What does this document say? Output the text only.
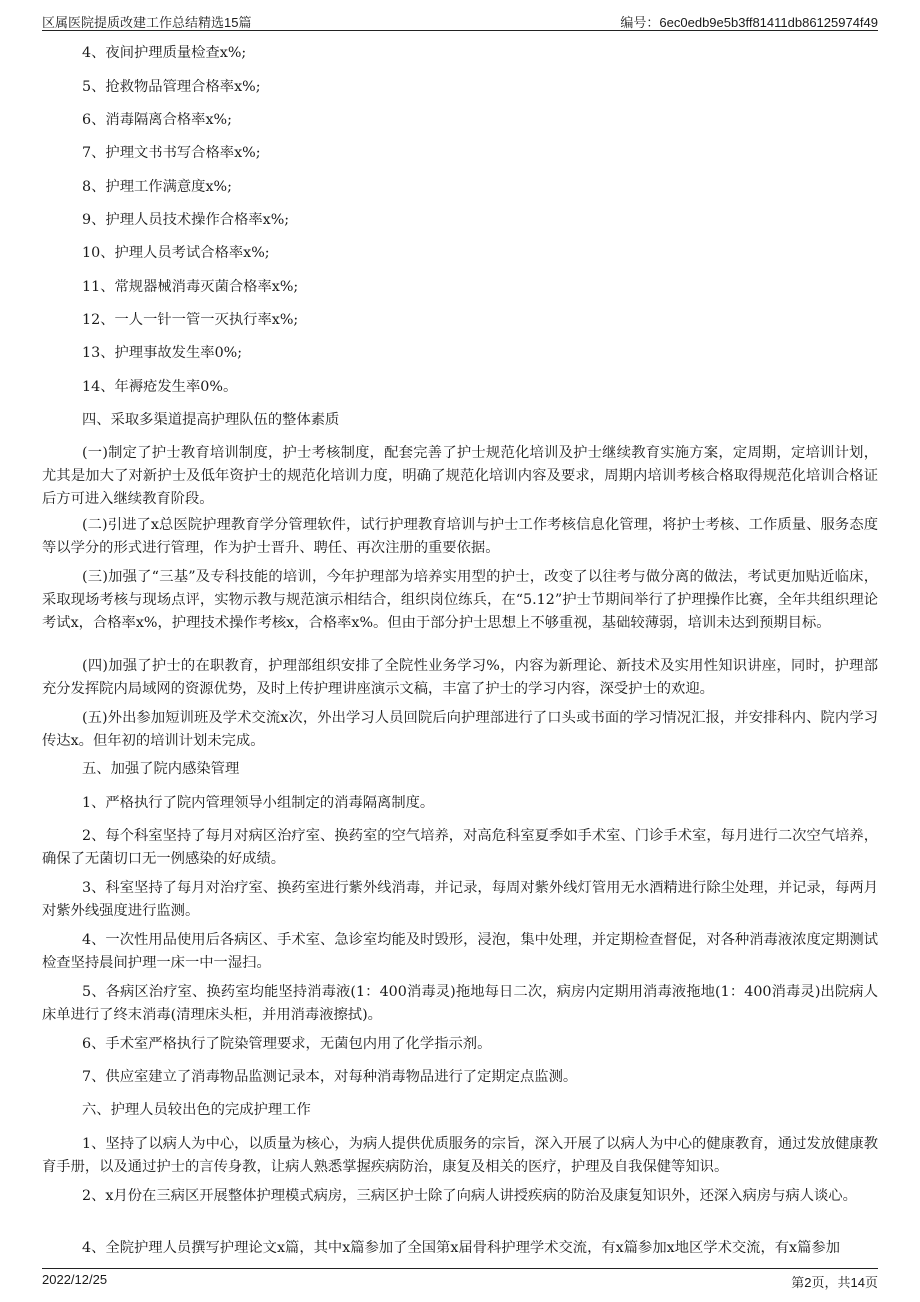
区属医院提质改建工作总结精选15篇	编号：6ec0edb9e5b3ff81411db86125974f49
4、夜间护理质量检查x%;
5、抢救物品管理合格率x%;
6、消毒隔离合格率x%;
7、护理文书书写合格率x%;
8、护理工作满意度x%;
9、护理人员技术操作合格率x%;
10、护理人员考试合格率x%;
11、常规器械消毒灭菌合格率x%;
12、一人一针一管一灭执行率x%;
13、护理事故发生率0%;
14、年褥疮发生率0%。
四、采取多渠道提高护理队伍的整体素质
(一)制定了护士教育培训制度，护士考核制度，配套完善了护士规范化培训及护士继续教育实施方案，定周期，定培训计划，尤其是加大了对新护士及低年资护士的规范化培训力度，明确了规范化培训内容及要求，周期内培训考核合格取得规范化培训合格证后方可进入继续教育阶段。
(二)引进了x总医院护理教育学分管理软件，试行护理教育培训与护士工作考核信息化管理，将护士考核、工作质量、服务态度等以学分的形式进行管理，作为护士晋升、聘任、再次注册的重要依据。
(三)加强了“三基”及专科技能的培训，今年护理部为培养实用型的护士，改变了以往考与做分离的做法，考试更加贴近临床，采取现场考核与现场点评，实物示教与规范演示相结合，组织岗位练兵，在“5.12”护士节期间举行了护理操作比赛，全年共组织理论考试x，合格率x%，护理技术操作考核x，合格率x%。但由于部分护士思想上不够重视，基础较薄弱，培训未达到预期目标。
(四)加强了护士的在职教育，护理部组织安排了全院性业务学习%，内容为新理论、新技术及实用性知识讲座，同时，护理部充分发挥院内局域网的资源优势，及时上传护理讲座演示文稿，丰富了护士的学习内容，深受护士的欢迎。
(五)外出参加短训班及学术交流x次，外出学习人员回院后向护理部进行了口头或书面的学习情况汇报，并安排科内、院内学习传达x。但年初的培训计划未完成。
五、加强了院内感染管理
1、严格执行了院内管理领导小组制定的消毒隔离制度。
2、每个科室坚持了每月对病区治疗室、换药室的空气培养，对高危科室夏季如手术室、门诊手术室，每月进行二次空气培养，确保了无菌切口无一例感染的好成绩。
3、科室坚持了每月对治疗室、换药室进行紫外线消毒，并记录，每周对紫外线灯管用无水酒精进行除尘处理，并记录，每两月对紫外线强度进行监测。
4、一次性用品使用后各病区、手术室、急诊室均能及时毁形，浸泡，集中处理，并定期检查督促，对各种消毒液浓度定期测试检查坚持晨间护理一床一中一湿扫。
5、各病区治疗室、换药室均能坚持消毒液(1：400消毒灵)拖地每日二次，病房内定期用消毒液拖地(1：400消毒灵)出院病人床单进行了终末消毒(清理床头柜，并用消毒液擦拭)。
6、手术室严格执行了院染管理要求，无菌包内用了化学指示剂。
7、供应室建立了消毒物品监测记录本，对每种消毒物品进行了定期定点监测。
六、护理人员较出色的完成护理工作
1、坚持了以病人为中心，以质量为核心，为病人提供优质服务的宗旨，深入开展了以病人为中心的健康教育，通过发放健康教育手册，以及通过护士的言传身教，让病人熟悉掌握疾病防治，康复及相关的医疗，护理及自我保健等知识。
2、x月份在三病区开展整体护理模式病房，三病区护士除了向病人讲授疾病的防治及康复知识外，还深入病房与病人谈心。
4、全院护理人员撰写护理论文x篇，其中x篇参加了全国第x届骨科护理学术交流，有x篇参加x地区学术交流，有x篇参加
2022/12/25	第2页，共14页
